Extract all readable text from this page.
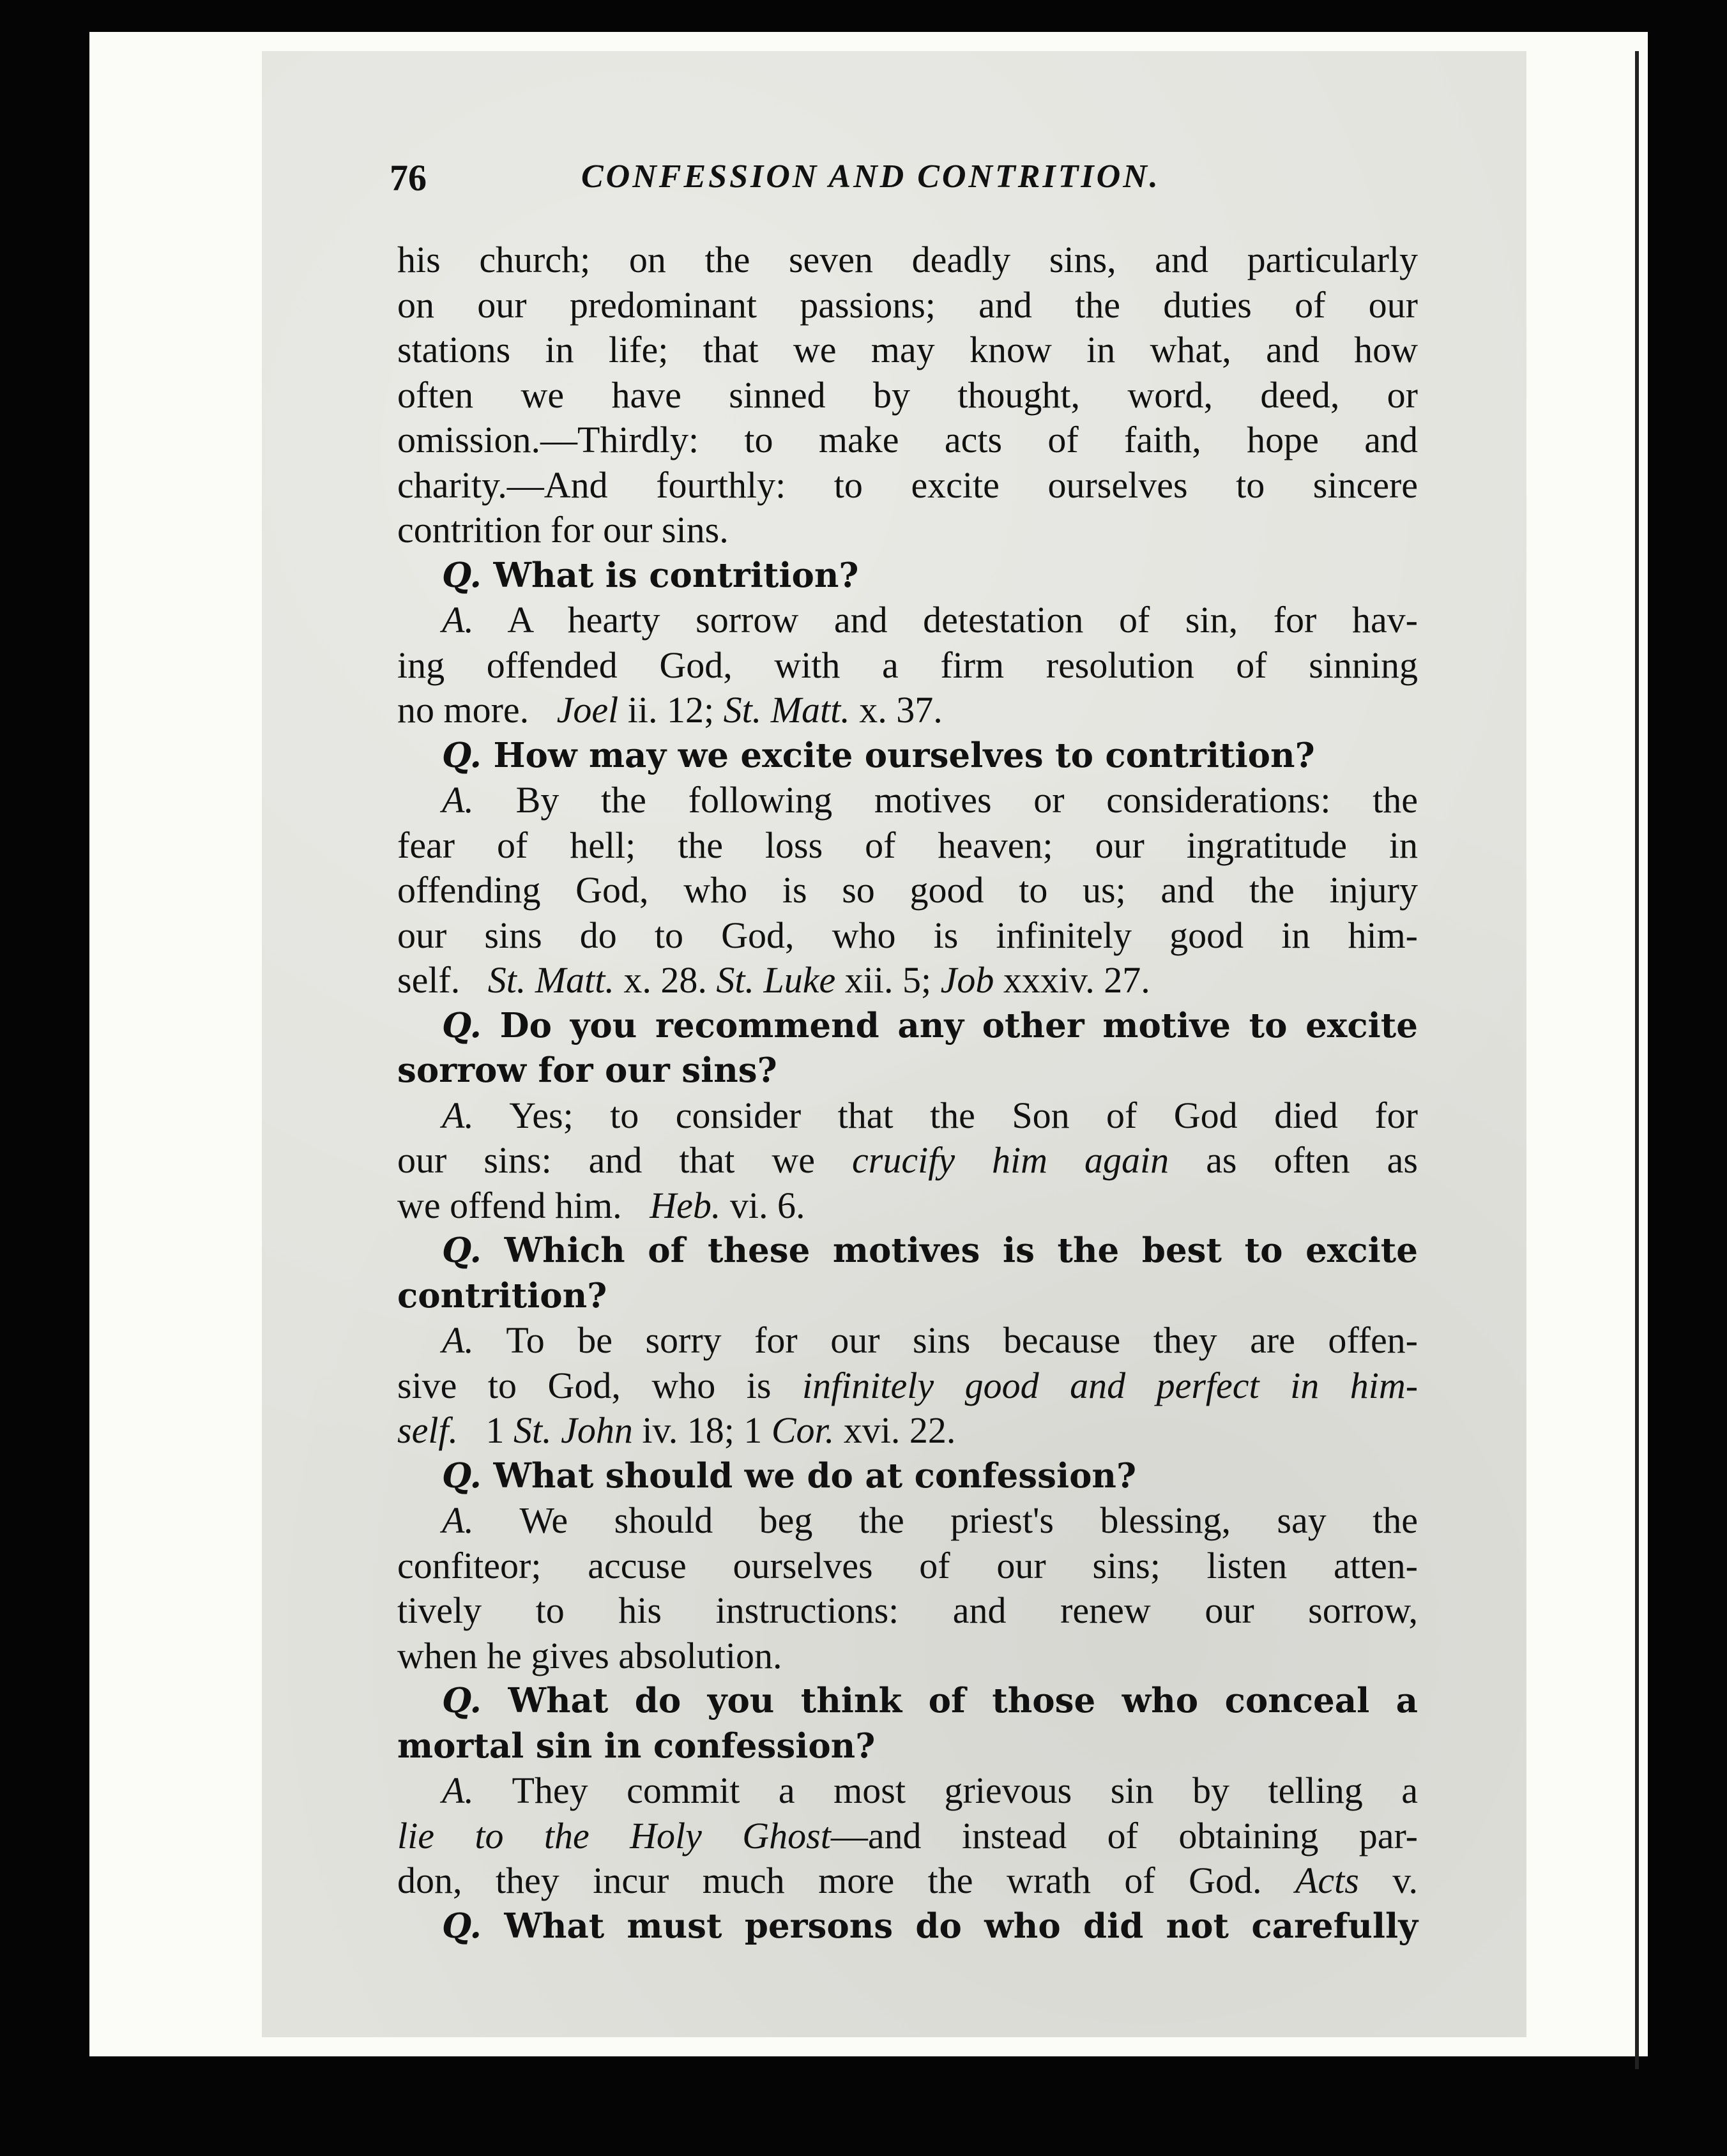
76	CONFESSION AND CONTRITION.
his church; on the seven deadly sins, and particularly
on our predominant passions; and the duties of our
stations in life; that we may know in what, and how
often we have sinned by thought, word, deed, or
omission.—Thirdly: to make acts of faith, hope and
charity.—And fourthly: to excite ourselves to sincere
contrition for our sins.
Q. What is contrition?
A. A hearty sorrow and detestation of sin, for hav-
ing offended God, with a firm resolution of sinning
no more. Joel ii. 12; St. Matt. x. 37.
Q. How may we excite ourselves to contrition?
A. By the following motives or considerations: the
fear of hell; the loss of heaven; our ingratitude in
offending God, who is so good to us; and the injury
our sins do to God, who is infinitely good in him-
self. St. Matt. x. 28. St. Luke xii. 5; Job xxxiv. 27.
Q. Do you recommend any other motive to excite
sorrow for our sins?
A. Yes; to consider that the Son of God died for
our sins: and that we crucify him again as often as
we offend him. Heb. vi. 6.
Q. Which of these motives is the best to excite
contrition?
A. To be sorry for our sins because they are offen-
sive to God, who is infinitely good and perfect in him-
self. 1 St. John iv. 18; 1 Cor. xvi. 22.
Q. What should we do at confession?
A. We should beg the priest's blessing, say the
confiteor; accuse ourselves of our sins; listen atten-
tively to his instructions: and renew our sorrow,
when he gives absolution.
Q. What do you think of those who conceal a
mortal sin in confession?
A. They commit a most grievous sin by telling a
lie to the Holy Ghost—and instead of obtaining par-
don, they incur much more the wrath of God. Acts v.
Q. What must persons do who did not carefully
